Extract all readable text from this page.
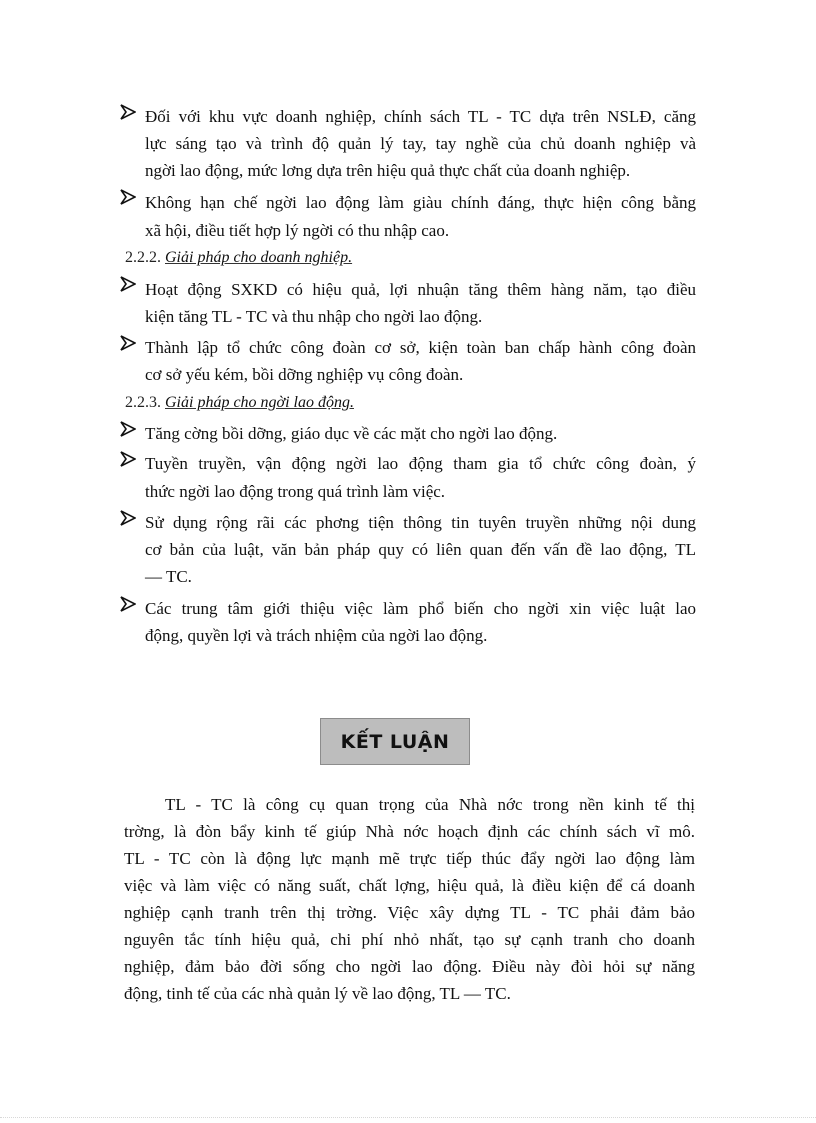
Đối với khu vực doanh nghiệp, chính sách TL - TC dựa trên NSLĐ, căng
lực sáng tạo và trình độ quản lý tay, tay nghề của chủ doanh nghiệp và
ngời lao động, mức lơng dựa trên hiệu quả thực chất của doanh nghiệp.
Không hạn chế ngời lao động làm giàu chính đáng, thực hiện công bằng
xã hội, điều tiết hợp lý ngời có thu nhập cao.
2.2.2. Giải pháp cho doanh nghiệp.
Hoạt động SXKD có hiệu quả, lợi nhuận tăng thêm hàng năm, tạo điều
kiện tăng TL - TC và thu nhập cho ngời lao động.
Thành lập tổ chức công đoàn cơ sở, kiện toàn ban chấp hành công đoàn
cơ sở yếu kém, bồi dỡng nghiệp vụ công đoàn.
2.2.3. Giải pháp cho ngời lao động.
Tăng cờng bồi dỡng, giáo dục về các mặt cho ngời lao động.
Tuyền truyền, vận động ngời lao động tham gia tổ chức công đoàn, ý
thức ngời lao động trong quá trình làm việc.
Sử dụng rộng rãi các phơng tiện thông tin tuyên truyền những nội dung
cơ bản của luật, văn bản pháp quy có liên quan đến vấn đề lao động, TL
— TC.
Các trung tâm giới thiệu việc làm phổ biến cho ngời xin việc luật lao
động, quyền lợi và trách nhiệm của ngời lao động.
KẾT LUẬN
TL - TC là công cụ quan trọng của Nhà nớc trong nền kinh tế thị
trờng, là đòn bẩy kinh tế giúp Nhà nớc hoạch định các chính sách vĩ mô.
TL - TC còn là động lực mạnh mẽ trực tiếp thúc đẩy ngời lao động làm
việc và làm việc có năng suất, chất lợng, hiệu quả, là điều kiện để cá doanh
nghiệp cạnh tranh trên thị trờng. Việc xây dựng TL - TC phải đảm bảo
nguyên tắc tính hiệu quả, chi phí nhỏ nhất, tạo sự cạnh tranh cho doanh
nghiệp, đảm bảo đời sống cho ngời lao động. Điều này đòi hỏi sự năng
động, tinh tế của các nhà quản lý về lao động, TL — TC.
